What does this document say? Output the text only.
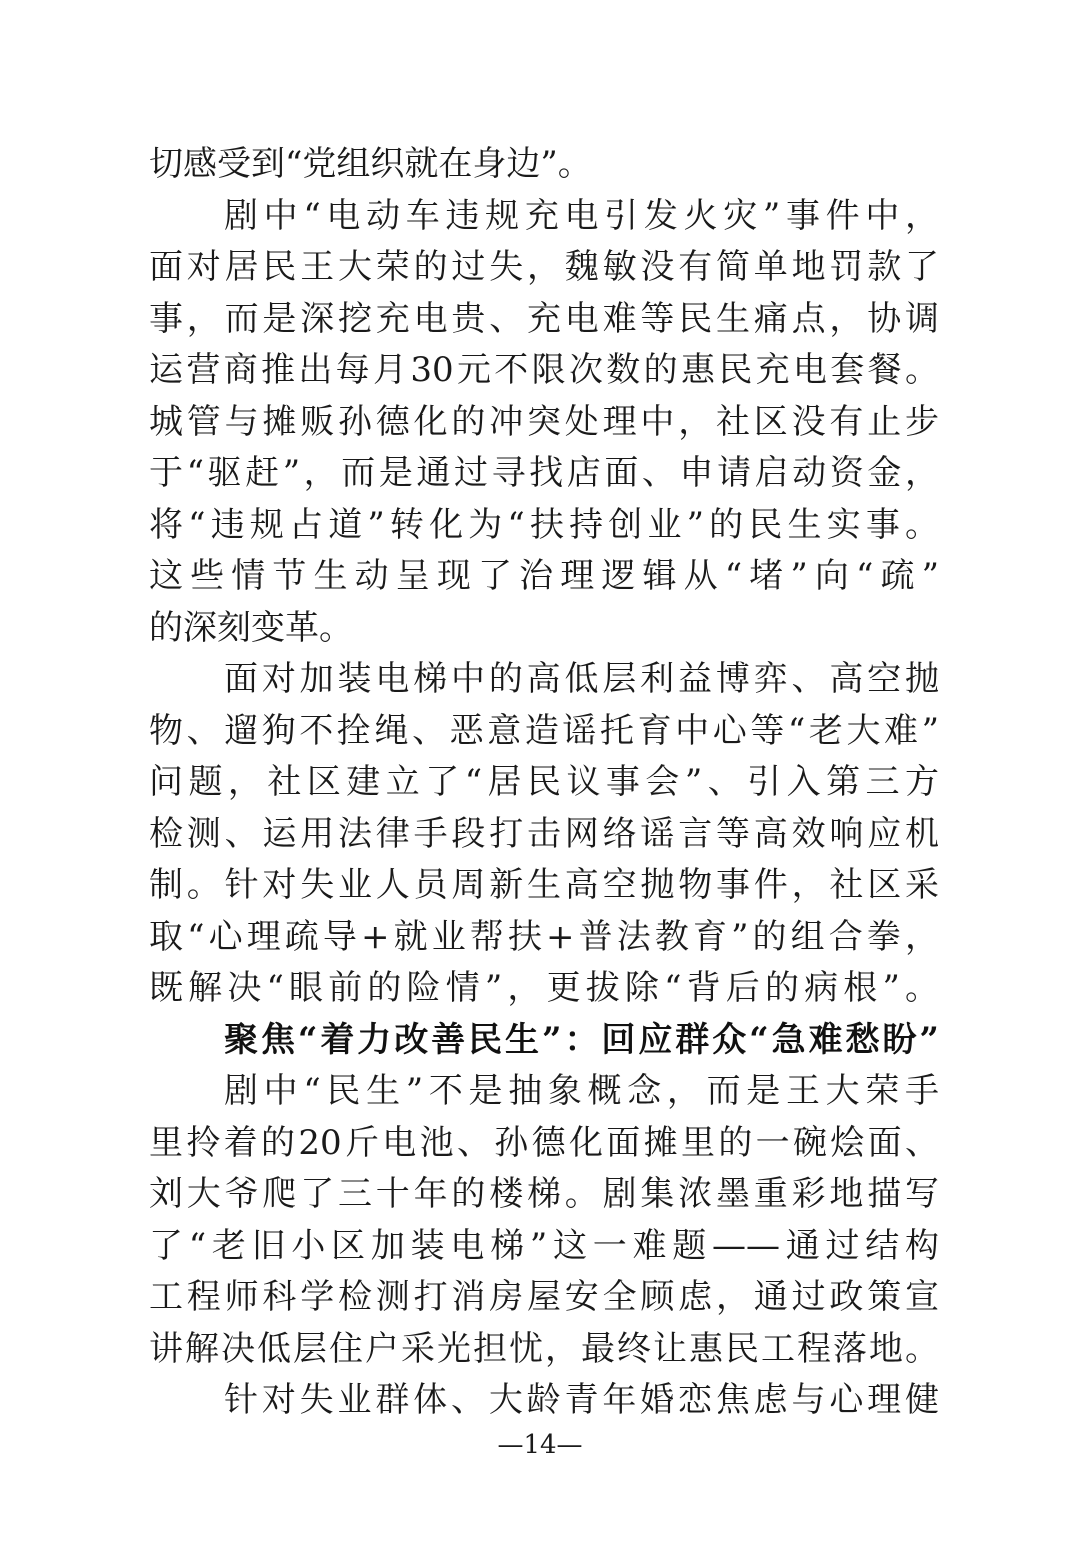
切感受到“党组织就在身边”。
剧中“电动车违规充电引发火灾”事件中，
面对居民王大荣的过失，魏敏没有简单地罚款了
事，而是深挖充电贵、充电难等民生痛点，协调
运营商推出每月30元不限次数的惠民充电套餐。
城管与摊贩孙德化的冲突处理中，社区没有止步
于“驱赶”，而是通过寻找店面、申请启动资金，
将“违规占道”转化为“扶持创业”的民生实事。
这些情节生动呈现了治理逻辑从“堵”向“疏”
的深刻变革。
面对加装电梯中的高低层利益博弈、高空抛
物、遛狗不拴绳、恶意造谣托育中心等“老大难”
问题，社区建立了“居民议事会”、引入第三方
检测、运用法律手段打击网络谣言等高效响应机
制。针对失业人员周新生高空抛物事件，社区采
取“心理疏导+就业帮扶+普法教育”的组合拳，
既解决“眼前的险情”，更拔除“背后的病根”。
聚焦“着力改善民生”：回应群众“急难愁盼”
剧中“民生”不是抽象概念，而是王大荣手
里拎着的20斤电池、孙德化面摊里的一碗烩面、
刘大爷爬了三十年的楼梯。剧集浓墨重彩地描写
了“老旧小区加装电梯”这一难题——通过结构
工程师科学检测打消房屋安全顾虑，通过政策宣
讲解决低层住户采光担忧，最终让惠民工程落地。
针对失业群体、大龄青年婚恋焦虑与心理健
—14—
